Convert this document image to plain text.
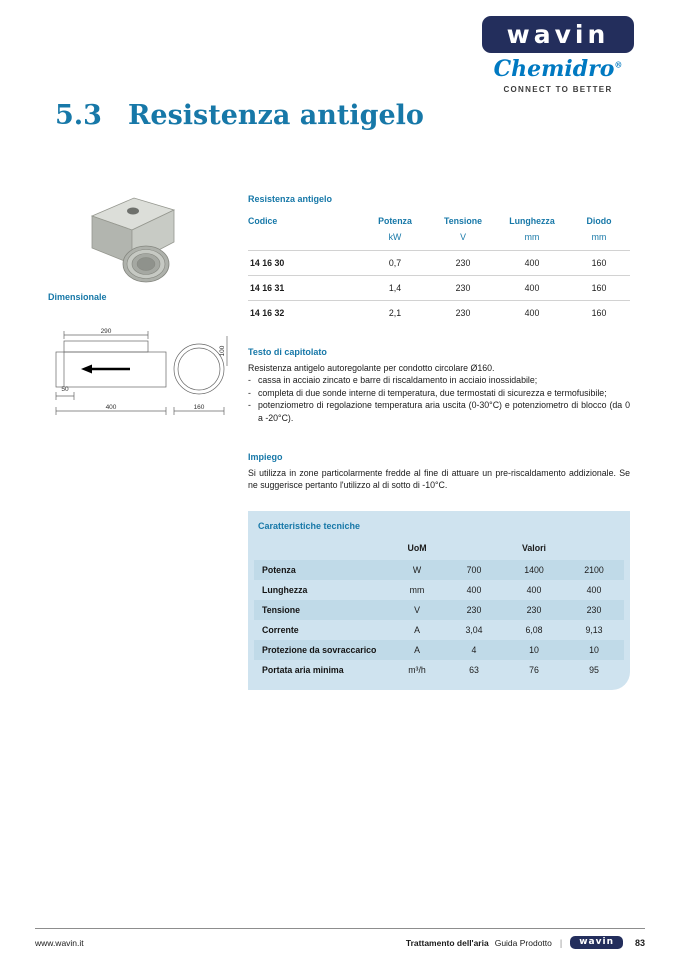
wavin
Chemidro®
CONNECT TO BETTER
5.3 Resistenza antigelo
Dimensionale
290
50
400	160
100
Resistenza antigelo
Codice	Potenza	Tensione	Lunghezza	Diodo
	kW	V	mm	mm
14 16 30	0,7	230	400	160
14 16 31	1,4	230	400	160
14 16 32	2,1	230	400	160
Testo di capitolato
Resistenza antigelo autoregolante per condotto circolare Ø160.
- cassa in acciaio zincato e barre di riscaldamento in acciaio inossidabile;
- completa di due sonde interne di temperatura, due termostati di sicurezza e termofusibile;
- potenziometro di regolazione temperatura aria uscita (0-30°C) e potenziometro di blocco (da 0 a -20°C).
Impiego
Si utilizza in zone particolarmente fredde al fine di attuare un pre-riscaldamento addizionale. Se ne suggerisce pertanto l'utilizzo al di sotto di -10°C.
Caratteristiche tecniche
	UoM	Valori		
Potenza	W	700	1400	2100
Lunghezza	mm	400	400	400
Tensione	V	230	230	230
Corrente	A	3,04	6,08	9,13
Protezione da sovraccarico	A	4	10	10
Portata aria minima	m³/h	63	76	95
www.wavin.it	Trattamento dell'aria Guida Prodotto |	wavin	83
